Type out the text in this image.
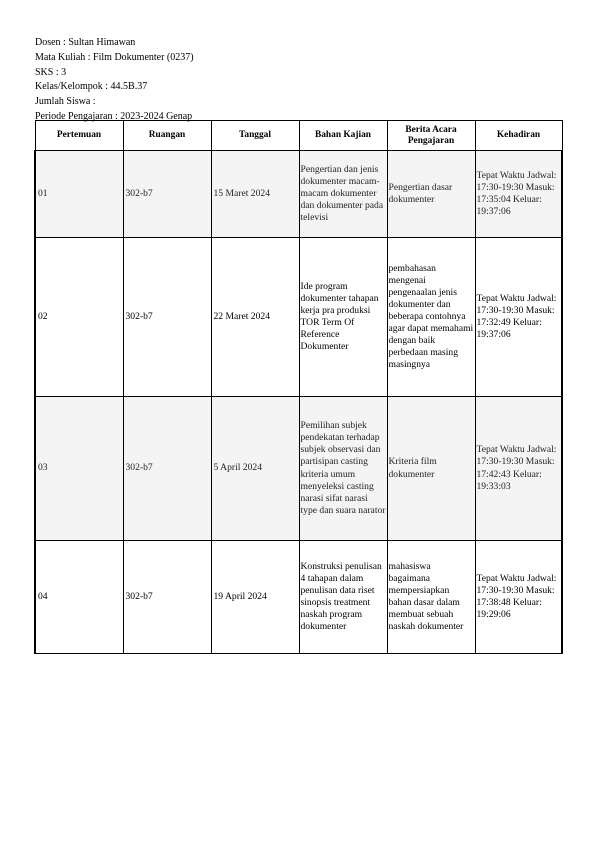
Dosen : Sultan Himawan
Mata Kuliah : Film Dokumenter (0237)
SKS : 3
Kelas/Kelompok : 44.5B.37
Jumlah Siswa :
Periode Pengajaran : 2023-2024 Genap
Pertemuan	Ruangan	Tanggal	Bahan Kajian	Berita Acara Pengajaran	Kehadiran
01	302-b7	15 Maret 2024	Pengertian dan jenis dokumenter macam-macam dokumenter dan dokumenter pada televisi	Pengertian dasar dokumenter	Tepat Waktu Jadwal: 17:30-19:30 Masuk: 17:35:04 Keluar: 19:37:06
02	302-b7	22 Maret 2024	Ide program dokumenter tahapan kerja pra produksi TOR Term Of Reference Dokumenter	pembahasan mengenai pengenaalan jenis dokumenter dan beberapa contohnya agar dapat memahami dengan baik perbedaan masing masingnya	Tepat Waktu Jadwal: 17:30-19:30 Masuk: 17:32:49 Keluar: 19:37:06
03	302-b7	5 April 2024	Pemilihan subjek pendekatan terhadap subjek observasi dan partisipan casting kriteria umum menyeleksi casting narasi sifat narasi type dan suara narator	Kriteria film dokumenter	Tepat Waktu Jadwal: 17:30-19:30 Masuk: 17:42:43 Keluar: 19:33:03
04	302-b7	19 April 2024	Konstruksi penulisan 4 tahapan dalam penulisan data riset sinopsis treatment naskah program dokumenter	mahasiswa bagaimana mempersiapkan bahan dasar dalam membuat sebuah naskah dokumenter	Tepat Waktu Jadwal: 17:30-19:30 Masuk: 17:38:48 Keluar: 19:29:06
